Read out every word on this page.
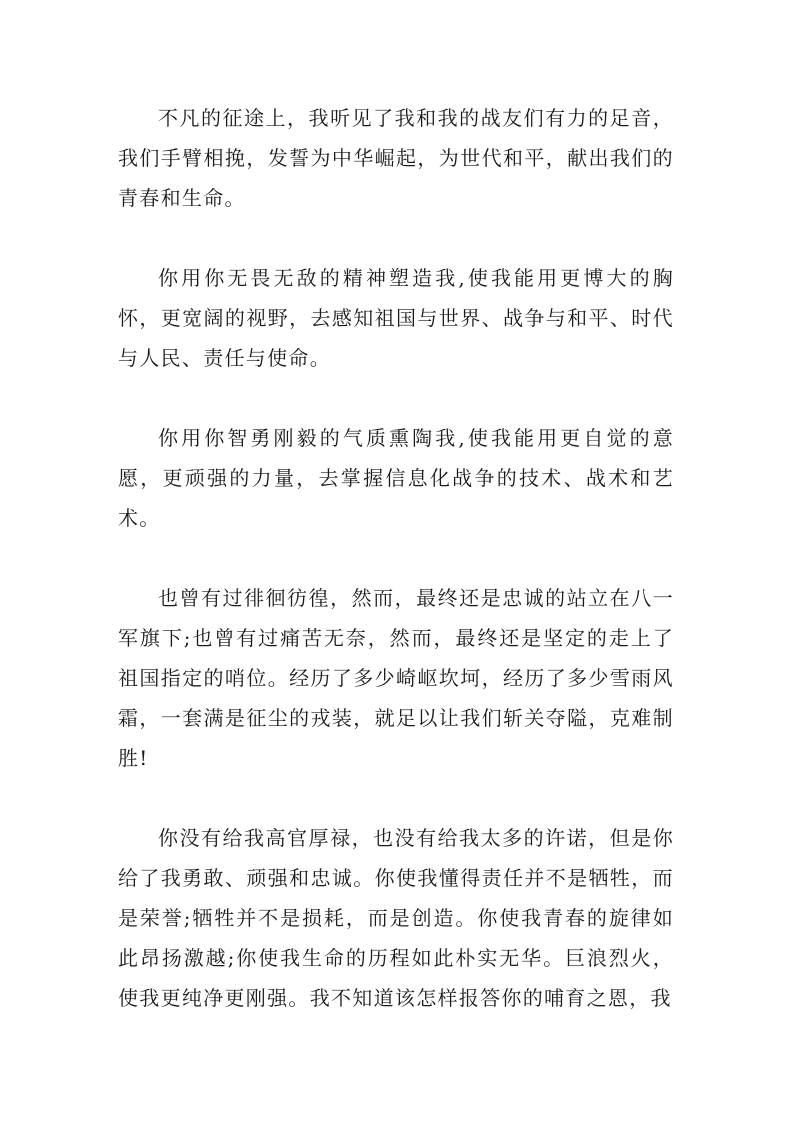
不凡的征途上，我听见了我和我的战友们有力的足音，我们手臂相挽，发誓为中华崛起，为世代和平，献出我们的青春和生命。

你用你无畏无敌的精神塑造我,使我能用更博大的胸怀，更宽阔的视野，去感知祖国与世界、战争与和平、时代与人民、责任与使命。

你用你智勇刚毅的气质熏陶我,使我能用更自觉的意愿，更顽强的力量，去掌握信息化战争的技术、战术和艺术。

也曾有过徘徊彷徨，然而，最终还是忠诚的站立在八一军旗下;也曾有过痛苦无奈，然而，最终还是坚定的走上了祖国指定的哨位。经历了多少崎岖坎坷，经历了多少雪雨风霜，一套满是征尘的戎装，就足以让我们斩关夺隘，克难制胜!

你没有给我高官厚禄，也没有给我太多的许诺，但是你给了我勇敢、顽强和忠诚。你使我懂得责任并不是牺牲，而是荣誉;牺牲并不是损耗，而是创造。你使我青春的旋律如此昂扬激越;你使我生命的历程如此朴实无华。巨浪烈火，使我更纯净更刚强。我不知道该怎样报答你的哺育之恩，我
